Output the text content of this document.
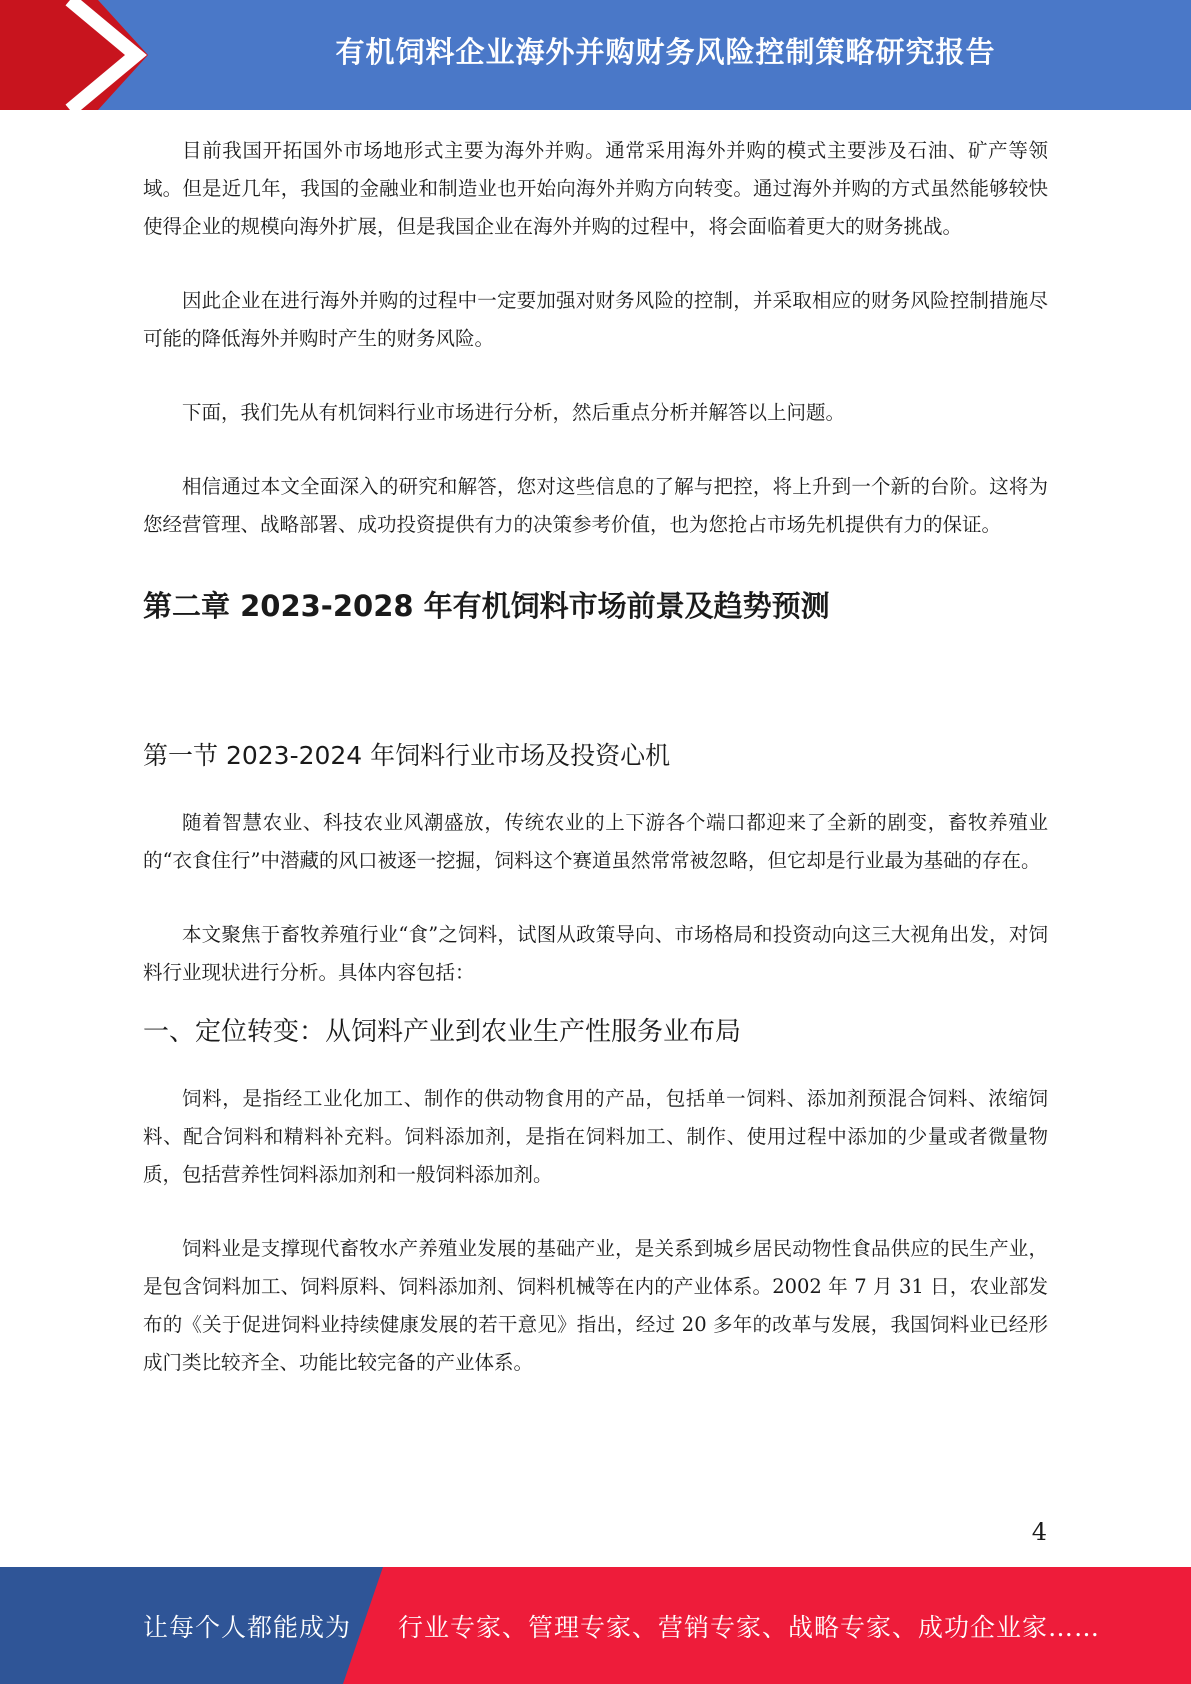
有机饲料企业海外并购财务风险控制策略研究报告

目前我国开拓国外市场地形式主要为海外并购。通常采用海外并购的模式主要涉及石油、矿产等领域。但是近几年，我国的金融业和制造业也开始向海外并购方向转变。通过海外并购的方式虽然能够较快使得企业的规模向海外扩展，但是我国企业在海外并购的过程中，将会面临着更大的财务挑战。

因此企业在进行海外并购的过程中一定要加强对财务风险的控制，并采取相应的财务风险控制措施尽可能的降低海外并购时产生的财务风险。

下面，我们先从有机饲料行业市场进行分析，然后重点分析并解答以上问题。

相信通过本文全面深入的研究和解答，您对这些信息的了解与把控，将上升到一个新的台阶。这将为您经营管理、战略部署、成功投资提供有力的决策参考价值，也为您抢占市场先机提供有力的保证。

第二章 2023-2028 年有机饲料市场前景及趋势预测
第一节 2023-2024 年饲料行业市场及投资心机

随着智慧农业、科技农业风潮盛放，传统农业的上下游各个端口都迎来了全新的剧变，畜牧养殖业的“衣食住行”中潜藏的风口被逐一挖掘，饲料这个赛道虽然常常被忽略，但它却是行业最为基础的存在。

本文聚焦于畜牧养殖行业“食”之饲料，试图从政策导向、市场格局和投资动向这三大视角出发，对饲料行业现状进行分析。具体内容包括：

一、定位转变：从饲料产业到农业生产性服务业布局

饲料，是指经工业化加工、制作的供动物食用的产品，包括单一饲料、添加剂预混合饲料、浓缩饲料、配合饲料和精料补充料。饲料添加剂，是指在饲料加工、制作、使用过程中添加的少量或者微量物质，包括营养性饲料添加剂和一般饲料添加剂。

饲料业是支撑现代畜牧水产养殖业发展的基础产业，是关系到城乡居民动物性食品供应的民生产业，是包含饲料加工、饲料原料、饲料添加剂、饲料机械等在内的产业体系。2002 年 7 月 31 日，农业部发布的《关于促进饲料业持续健康发展的若干意见》指出，经过 20 多年的改革与发展，我国饲料业已经形成门类比较齐全、功能比较完备的产业体系。

4
让每个人都能成为 行业专家、管理专家、营销专家、战略专家、成功企业家……
